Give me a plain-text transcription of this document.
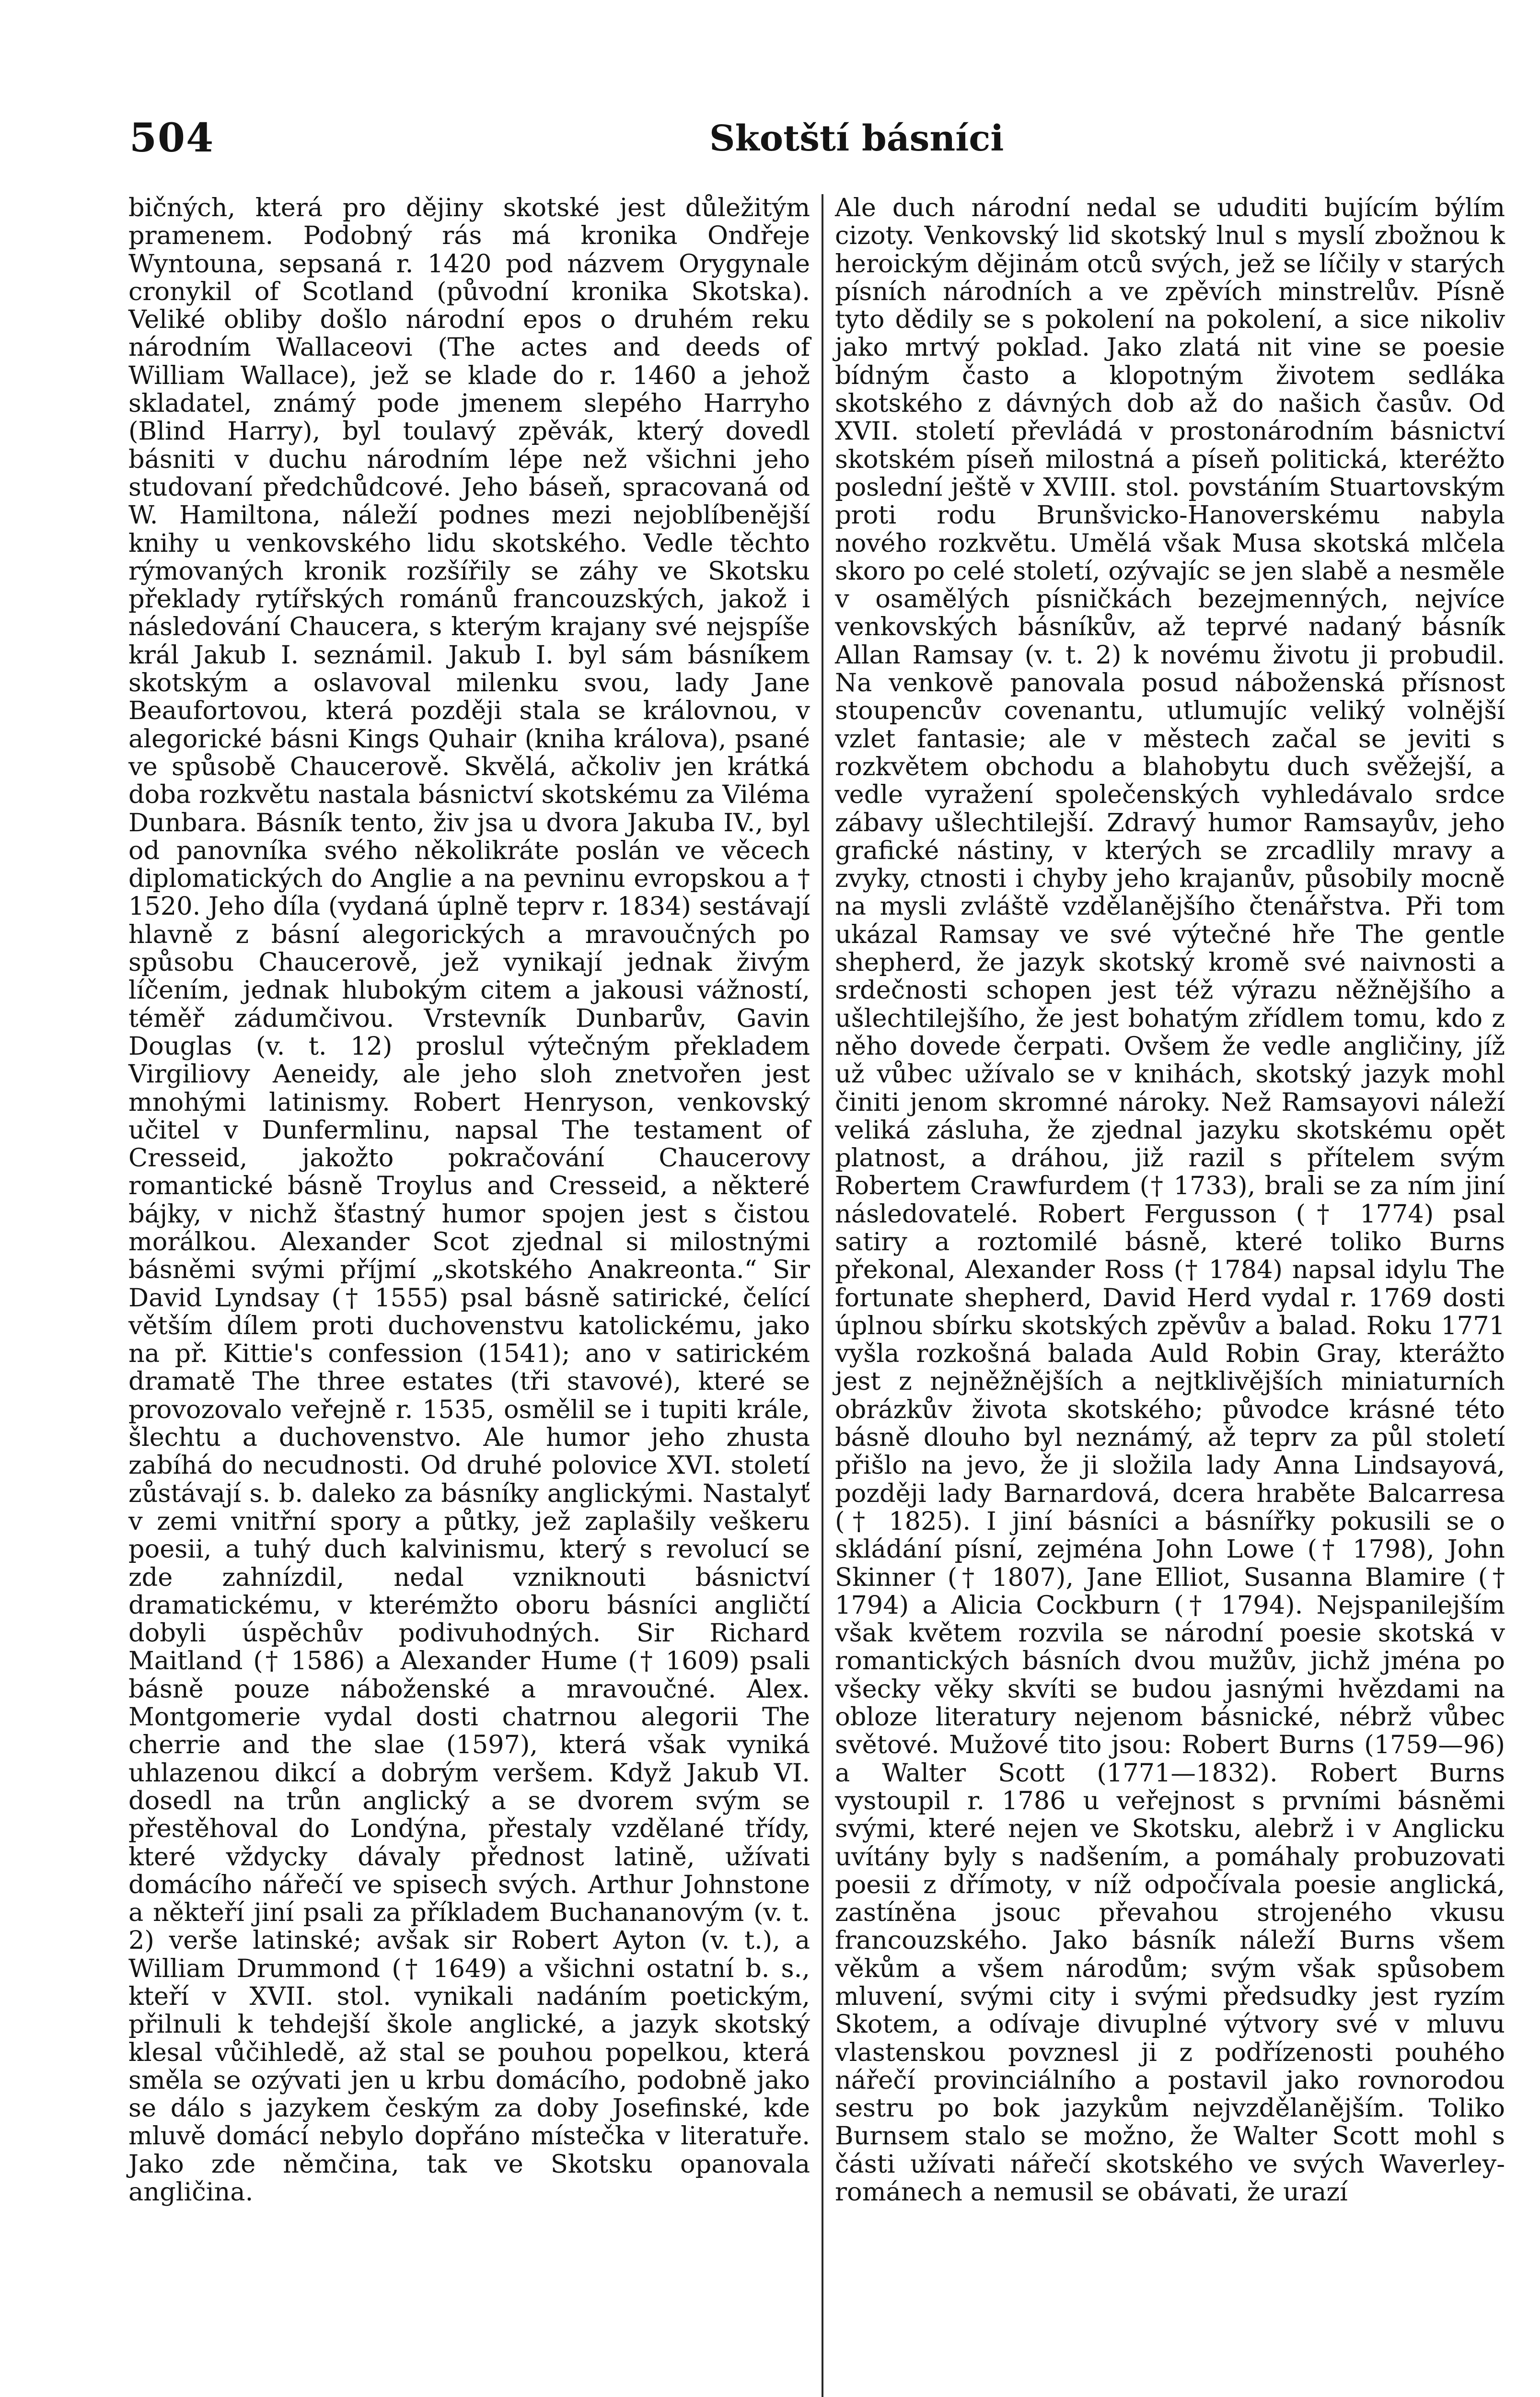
504	Skotští básníci

bičných, která pro dějiny skotské jest důležitým pramenem. Podobný rás má kronika Ondřeje Wyntouna, sepsaná r. 1420 pod názvem Orygynale cronykil of Scotland (původní kronika Skotska). Veliké obliby došlo národní epos o druhém reku národním Wallaceovi (The actes and deeds of William Wallace), jež se klade do r. 1460 a jehož skladatel, známý pode jmenem slepého Harryho (Blind Harry), byl toulavý zpěvák, který dovedl básniti v duchu národním lépe než všichni jeho studovaní předchůdcové. Jeho báseň, spracovaná od W. Hamiltona, náleží podnes mezi nejoblíbenější knihy u venkovského lidu skotského. Vedle těchto rýmovaných kronik rozšířily se záhy ve Skotsku překlady rytířských románů francouzských, jakož i následování Chaucera, s kterým krajany své nejspíše král Jakub I. seznámil. Jakub I. byl sám básníkem skotským a oslavoval milenku svou, lady Jane Beaufortovou, která později stala se královnou, v alegorické básni Kings Quhair (kniha králova), psané ve spůsobě Chaucerově. Skvělá, ačkoliv jen krátká doba rozkvětu nastala básnictví skotskému za Viléma Dunbara. Básník tento, živ jsa u dvora Jakuba IV., byl od panovníka svého několikráte poslán ve věcech diplomatických do Anglie a na pevninu evropskou a † 1520. Jeho díla (vydaná úplně teprv r. 1834) sestávají hlavně z básní alegorických a mravoučných po spůsobu Chaucerově, jež vynikají jednak živým líčením, jednak hlubokým citem a jakousi vážností, téměř zádumčivou. Vrstevník Dunbarův, Gavin Douglas (v. t. 12) proslul výtečným překladem Virgiliovy Aeneidy, ale jeho sloh znetvořen jest mnohými latinismy. Robert Henryson, venkovský učitel v Dunfermlinu, napsal The testament of Cresseid, jakožto pokračování Chaucerovy romantické básně Troylus and Cresseid, a některé bájky, v nichž šťastný humor spojen jest s čistou morálkou. Alexander Scot zjednal si milostnými básněmi svými příjmí „skotského Anakreonta.“ Sir David Lyndsay († 1555) psal básně satirické, čelící větším dílem proti duchovenstvu katolickému, jako na př. Kittie's confession (1541); ano v satirickém dramatě The three estates (tři stavové), které se provozovalo veřejně r. 1535, osmělil se i tupiti krále, šlechtu a duchovenstvo. Ale humor jeho zhusta zabíhá do necudnosti. Od druhé polovice XVI. století zůstávají s. b. daleko za básníky anglickými. Nastalyť v zemi vnitřní spory a půtky, jež zaplašily veškeru poesii, a tuhý duch kalvinismu, který s revolucí se zde zahnízdil, nedal vzniknouti básnictví dramatickému, v kterémžto oboru básníci angličtí dobyli úspěchův podivuhodných. Sir Richard Maitland († 1586) a Alexander Hume († 1609) psali básně pouze náboženské a mravoučné. Alex. Montgomerie vydal dosti chatrnou alegorii The cherrie and the slae (1597), která však vyniká uhlazenou dikcí a dobrým veršem. Když Jakub VI. dosedl na trůn anglický a se dvorem svým se přestěhoval do Londýna, přestaly vzdělané třídy, které vždycky dávaly přednost latině, užívati domácího nářečí ve spisech svých. Arthur Johnstone a někteří jiní psali za příkladem Buchananovým (v. t. 2) verše latinské; avšak sir Robert Ayton (v. t.), a William Drummond († 1649) a všichni ostatní b. s., kteří v XVII. stol. vynikali nadáním poetickým, přilnuli k tehdejší škole anglické, a jazyk skotský klesal vůčihledě, až stal se pouhou popelkou, která směla se ozývati jen u krbu domácího, podobně jako se dálo s jazykem českým za doby Josefinské, kde mluvě domácí nebylo dopřáno místečka v literatuře. Jako zde němčina, tak ve Skotsku opanovala angličina.

Ale duch národní nedal se ududiti bujícím býlím cizoty. Venkovský lid skotský lnul s myslí zbožnou k heroickým dějinám otců svých, jež se líčily v starých písních národních a ve zpěvích minstrelův. Písně tyto dědily se s pokolení na pokolení, a sice nikoliv jako mrtvý poklad. Jako zlatá nit vine se poesie bídným často a klopotným životem sedláka skotského z dávných dob až do našich časův. Od XVII. století převládá v prostonárodním básnictví skotském píseň milostná a píseň politická, kteréžto poslední ještě v XVIII. stol. povstáním Stuartovským proti rodu Brunšvicko-Hanoverskému nabyla nového rozkvětu. Umělá však Musa skotská mlčela skoro po celé století, ozývajíc se jen slabě a nesměle v osamělých písničkách bezejmenných, nejvíce venkovských básníkův, až teprvé nadaný básník Allan Ramsay (v. t. 2) k novému životu ji probudil. Na venkově panovala posud náboženská přísnost stoupencův covenantu, utlumujíc veliký volnější vzlet fantasie; ale v městech začal se jeviti s rozkvětem obchodu a blahobytu duch svěžejší, a vedle vyražení společenských vyhledávalo srdce zábavy ušlechtilejší. Zdravý humor Ramsayův, jeho grafické nástiny, v kterých se zrcadlily mravy a zvyky, ctnosti i chyby jeho krajanův, působily mocně na mysli zvláště vzdělanějšího čtenářstva. Při tom ukázal Ramsay ve své výtečné hře The gentle shepherd, že jazyk skotský kromě své naivnosti a srdečnosti schopen jest též výrazu něžnějšího a ušlechtilejšího, že jest bohatým zřídlem tomu, kdo z něho dovede čerpati. Ovšem že vedle angličiny, jíž už vůbec užívalo se v knihách, skotský jazyk mohl činiti jenom skromné nároky. Než Ramsayovi náleží veliká zásluha, že zjednal jazyku skotskému opět platnost, a dráhou, již razil s přítelem svým Robertem Crawfurdem († 1733), brali se za ním jiní následovatelé. Robert Fergusson († 1774) psal satiry a roztomilé básně, které toliko Burns překonal, Alexander Ross († 1784) napsal idylu The fortunate shepherd, David Herd vydal r. 1769 dosti úplnou sbírku skotských zpěvův a balad. Roku 1771 vyšla rozkošná balada Auld Robin Gray, kterážto jest z nejněžnějších a nejtklivějších miniaturních obrázkův života skotského; původce krásné této básně dlouho byl neznámý, až teprv za půl století přišlo na jevo, že ji složila lady Anna Lindsayová, později lady Barnardová, dcera hraběte Balcarresa († 1825). I jiní básníci a básnířky pokusili se o skládání písní, zejména John Lowe († 1798), John Skinner († 1807), Jane Elliot, Susanna Blamire († 1794) a Alicia Cockburn († 1794). Nejspanilejším však květem rozvila se národní poesie skotská v romantických básních dvou mužův, jichž jména po všecky věky skvíti se budou jasnými hvězdami na obloze literatury nejenom básnické, nébrž vůbec světové. Mužové tito jsou: Robert Burns (1759—96) a Walter Scott (1771—1832). Robert Burns vystoupil r. 1786 u veřejnost s prvními básněmi svými, které nejen ve Skotsku, alebrž i v Anglicku uvítány byly s nadšením, a pomáhaly probuzovati poesii z dřímoty, v níž odpočívala poesie anglická, zastíněna jsouc převahou strojeného vkusu francouzského. Jako básník náleží Burns všem věkům a všem národům; svým však spůsobem mluvení, svými city i svými předsudky jest ryzím Skotem, a odívaje divuplné výtvory své v mluvu vlastenskou povznesl ji z podřízenosti pouhého nářečí provinciálního a postavil jako rovnorodou sestru po bok jazykům nejvzdělanějším. Toliko Burnsem stalo se možno, že Walter Scott mohl s části užívati nářečí skotského ve svých Waverley-románech a nemusil se obávati, že urazí
